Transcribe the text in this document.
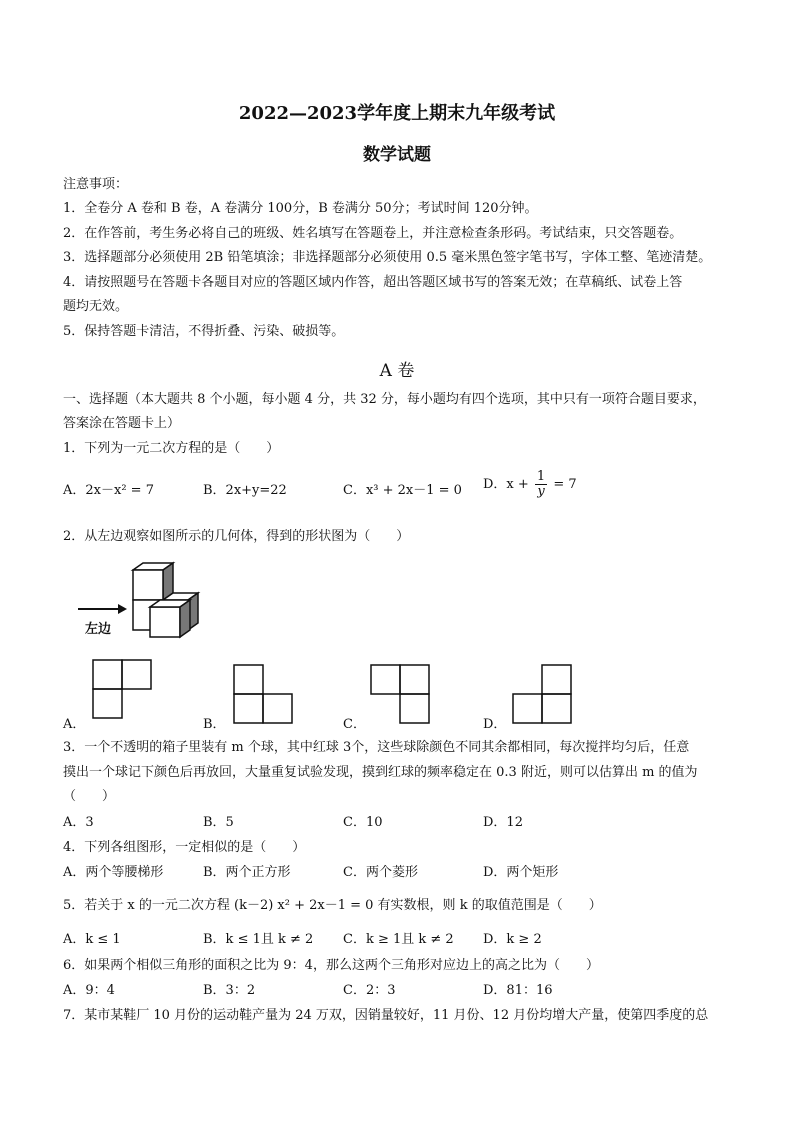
2022—2023学年度上期末九年级考试
数学试题
注意事项：
1．全卷分 A 卷和 B 卷，A 卷满分 100分，B 卷满分 50分；考试时间 120分钟。
2．在作答前，考生务必将自己的班级、姓名填写在答题卷上，并注意检查条形码。考试结束，只交答题卷。
3．选择题部分必须使用 2B 铅笔填涂；非选择题部分必须使用 0.5 毫米黑色签字笔书写，字体工整、笔迹清楚。
4．请按照题号在答题卡各题目对应的答题区域内作答，超出答题区域书写的答案无效；在草稿纸、试卷上答
题均无效。
5．保持答题卡清洁，不得折叠、污染、破损等。
A 卷
一、选择题（本大题共 8 个小题，每小题 4 分，共 32 分，每小题均有四个选项，其中只有一项符合题目要求，
答案涂在答题卡上）
1．下列为一元二次方程的是（　　）
A．2x－x² = 7	B．2x+y=22	C．x³ + 2x－1 = 0 D．$x + \frac{1}{y} = 7$
2．从左边观察如图所示的几何体，得到的形状图为（　　）
左边
A．	B．	C．	D．
3．一个不透明的箱子里装有 m 个球，其中红球 3个，这些球除颜色不同其余都相同，每次搅拌均匀后，任意
摸出一个球记下颜色后再放回，大量重复试验发现，摸到红球的频率稳定在 0.3 附近，则可以估算出 m 的值为
（　　）
A．3	B．5	C．10	D．12
4．下列各组图形，一定相似的是（　　）
A．两个等腰梯形	B．两个正方形	C．两个菱形	D．两个矩形
5．若关于 x 的一元二次方程 (k－2) x² + 2x－1 = 0 有实数根，则 k 的取值范围是（　　）
A．k ≤ 1	B．k ≤ 1且 k ≠ 2 C．k ≥ 1且 k ≠ 2 D．k ≥ 2
6．如果两个相似三角形的面积之比为 9：4，那么这两个三角形对应边上的高之比为（　　）
A．9：4	B．3：2	C．2：3	D．81：16
7．某市某鞋厂 10 月份的运动鞋产量为 24 万双，因销量较好，11 月份、12 月份均增大产量，使第四季度的总
